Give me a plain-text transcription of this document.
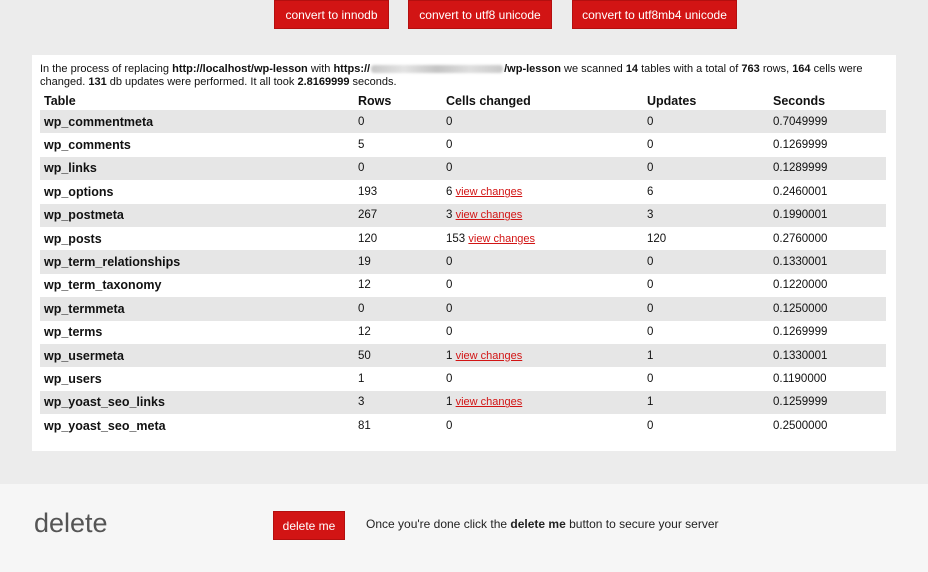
convert to innodb	convert to utf8 unicode	convert to utf8mb4 unicode

In the process of replacing http://localhost/wp-lesson with https://	/wp-lesson we scanned 14 tables with a total of 763 rows, 164 cells were changed. 131 db updates were performed. It all took 2.8169999 seconds.

Table	Rows	Cells changed	Updates	Seconds
wp_commentmeta	0	0	0	0.7049999
wp_comments	5	0	0	0.1269999
wp_links	0	0	0	0.1289999
wp_options	193	6 view changes	6	0.2460001
wp_postmeta	267	3 view changes	3	0.1990001
wp_posts	120	153 view changes	120	0.2760000
wp_term_relationships	19	0	0	0.1330001
wp_term_taxonomy	12	0	0	0.1220000
wp_termmeta	0	0	0	0.1250000
wp_terms	12	0	0	0.1269999
wp_usermeta	50	1 view changes	1	0.1330001
wp_users	1	0	0	0.1190000
wp_yoast_seo_links	3	1 view changes	1	0.1259999
wp_yoast_seo_meta	81	0	0	0.2500000
delete	delete me	Once you're done click the delete me button to secure your server
